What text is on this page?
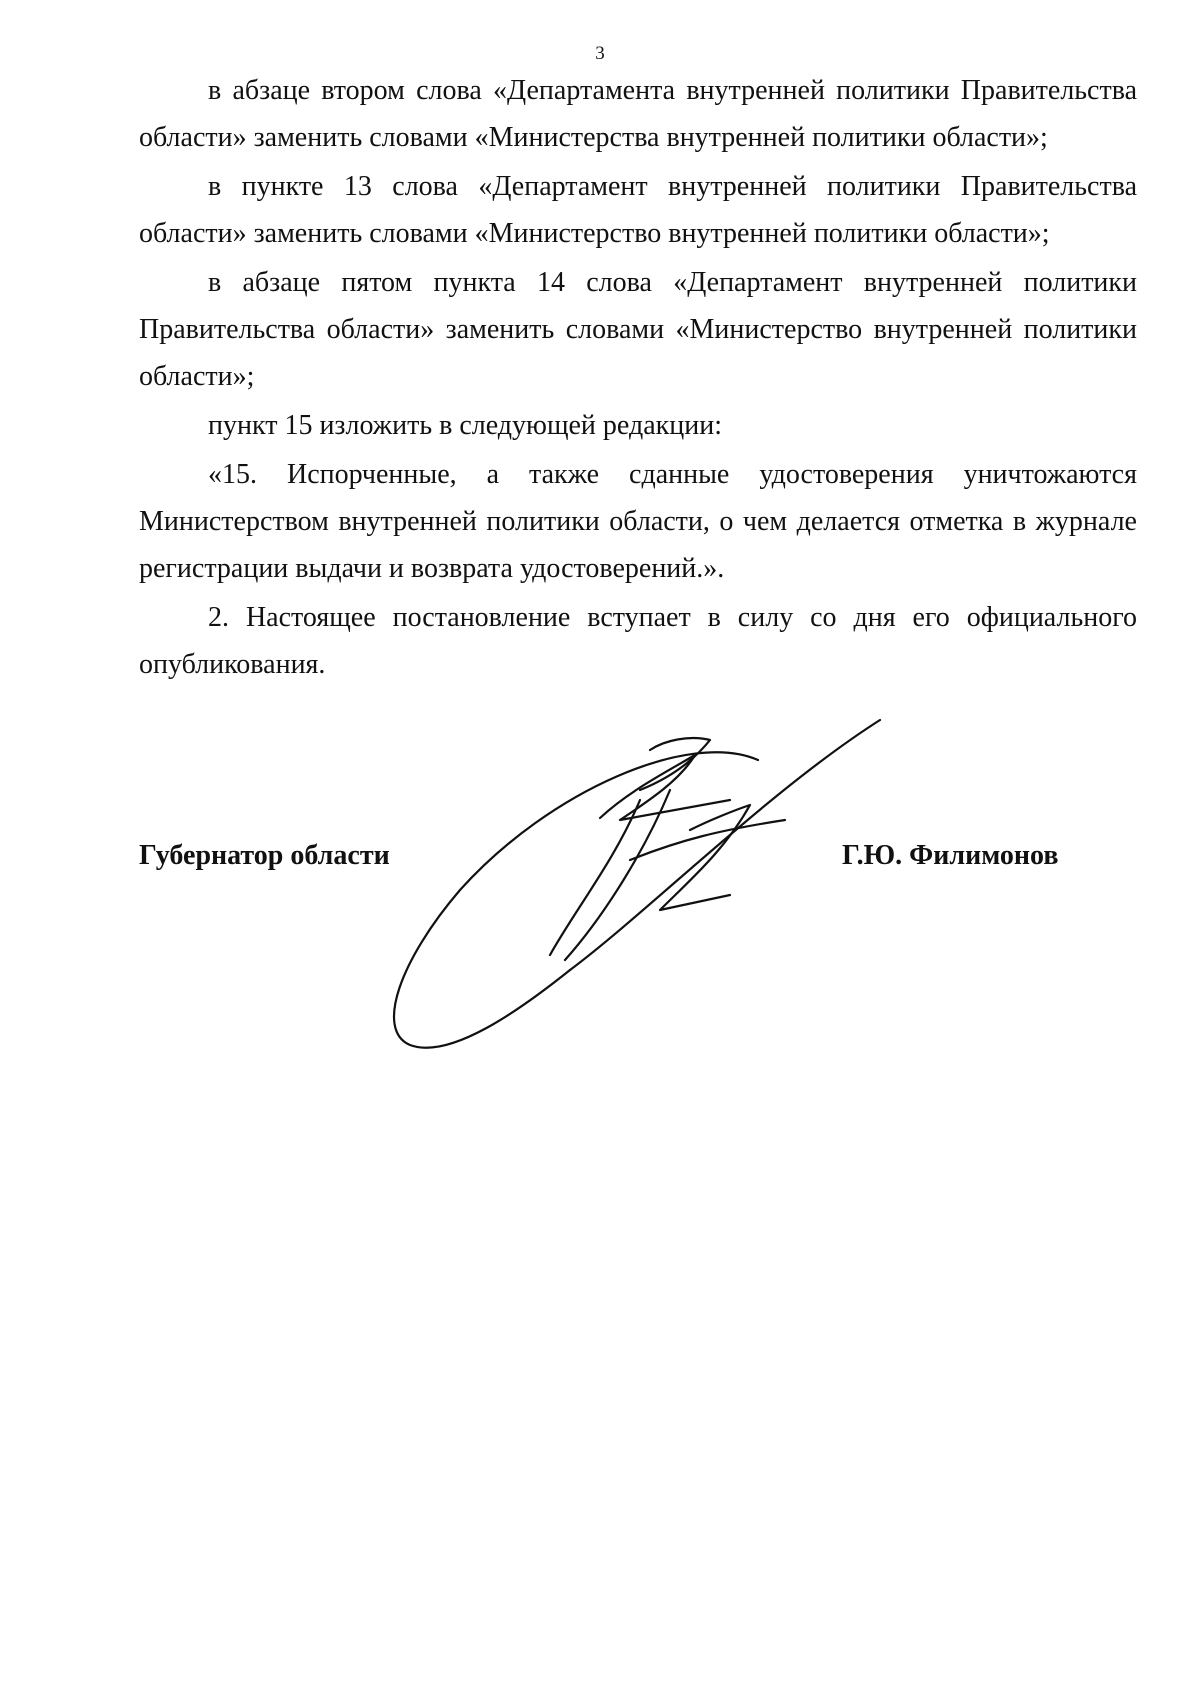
3

в абзаце втором слова «Департамента внутренней политики Правительства области» заменить словами «Министерства внутренней политики области»;

в пункте 13 слова «Департамент внутренней политики Правительства области» заменить словами «Министерство внутренней политики области»;

в абзаце пятом пункта 14 слова «Департамент внутренней политики Правительства области» заменить словами «Министерство внутренней политики области»;

пункт 15 изложить в следующей редакции:

«15. Испорченные, а также сданные удостоверения уничтожаются Министерством внутренней политики области, о чем делается отметка в журнале регистрации выдачи и возврата удостоверений.».

2. Настоящее постановление вступает в силу со дня его официального опубликования.

Губернатор области	Г.Ю. Филимонов
